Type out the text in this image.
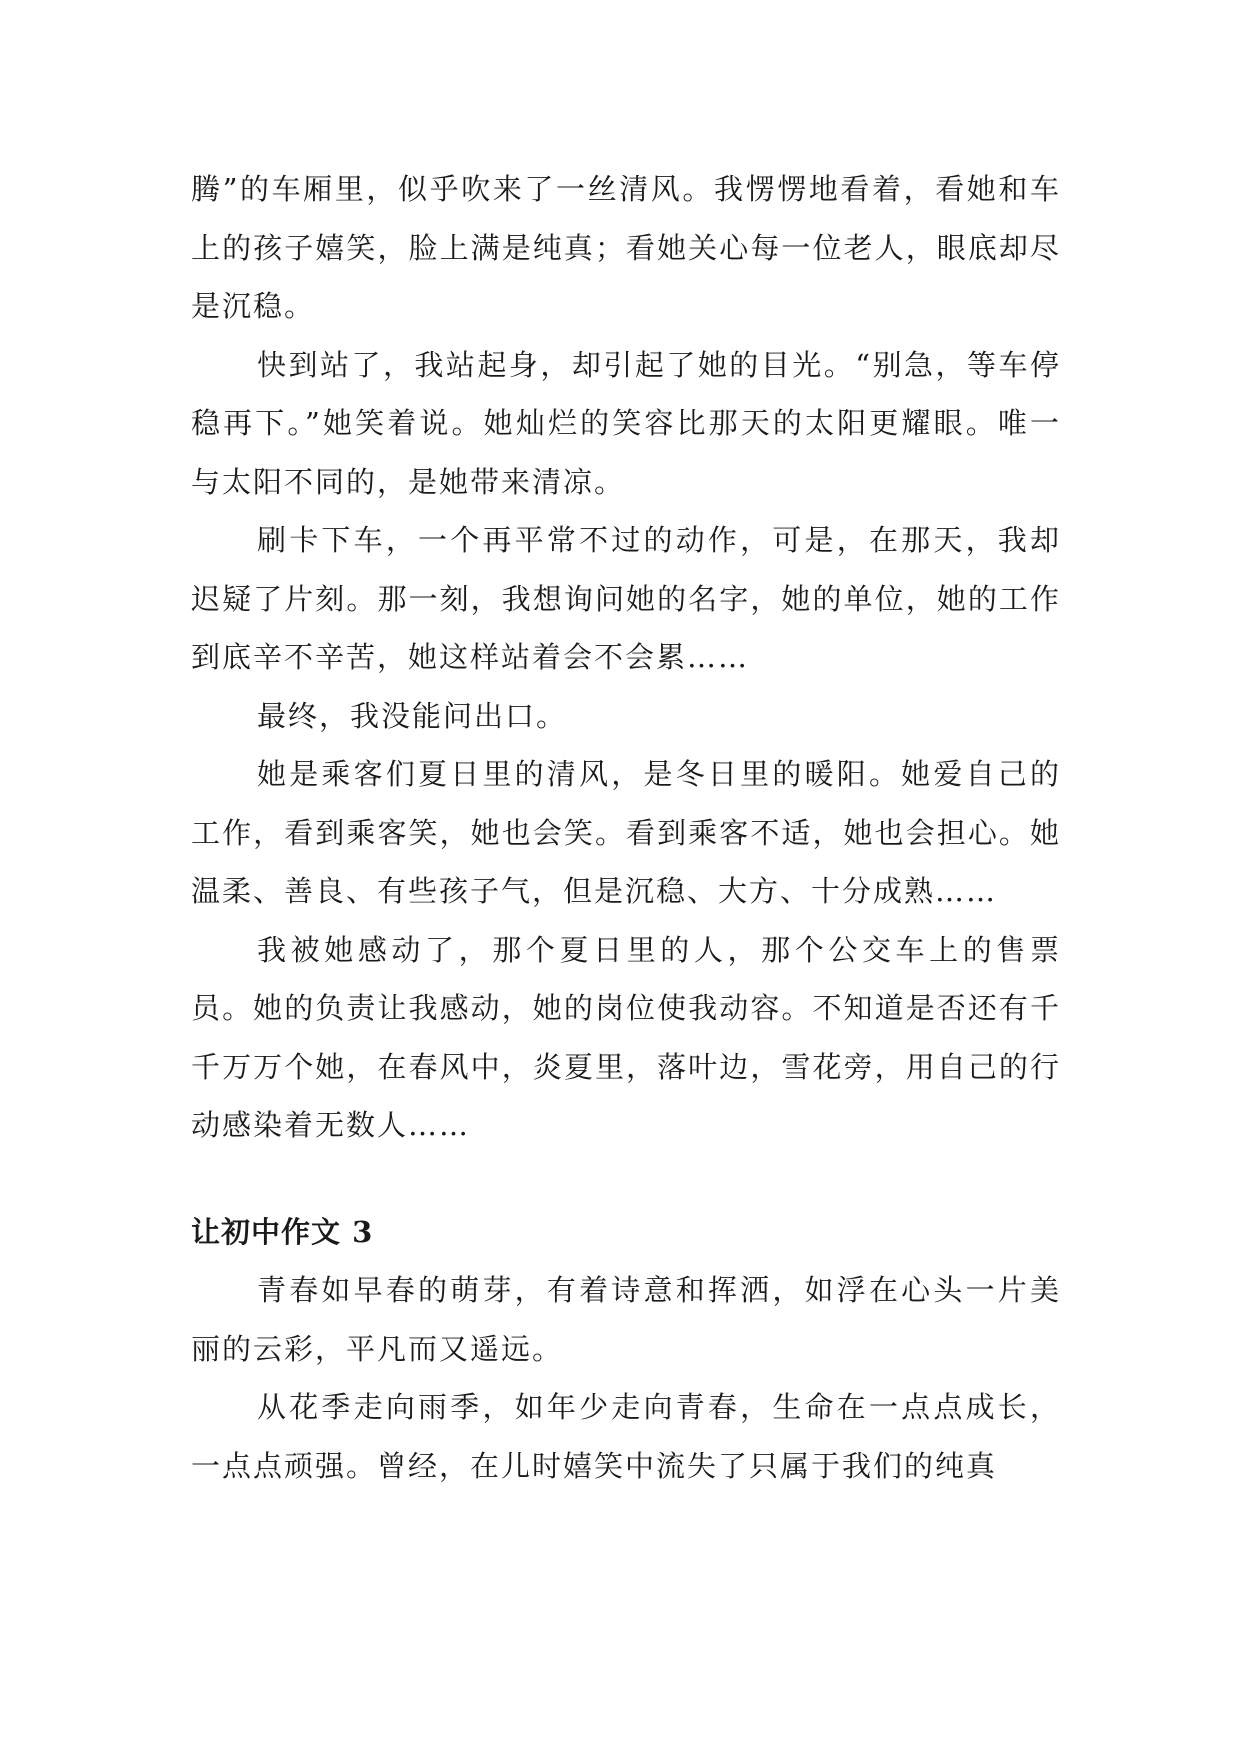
腾”的车厢里，似乎吹来了一丝清风。我愣愣地看着，看她和车上的孩子嬉笑，脸上满是纯真；看她关心每一位老人，眼底却尽是沉稳。

快到站了，我站起身，却引起了她的目光。“别急，等车停稳再下。”她笑着说。她灿烂的笑容比那天的太阳更耀眼。唯一与太阳不同的，是她带来清凉。

刷卡下车，一个再平常不过的动作，可是，在那天，我却迟疑了片刻。那一刻，我想询问她的名字，她的单位，她的工作到底辛不辛苦，她这样站着会不会累……

最终，我没能问出口。

她是乘客们夏日里的清风，是冬日里的暖阳。她爱自己的工作，看到乘客笑，她也会笑。看到乘客不适，她也会担心。她温柔、善良、有些孩子气，但是沉稳、大方、十分成熟……

我被她感动了，那个夏日里的人，那个公交车上的售票员。她的负责让我感动，她的岗位使我动容。不知道是否还有千千万万个她，在春风中，炎夏里，落叶边，雪花旁，用自己的行动感染着无数人……

让初中作文 3

青春如早春的萌芽，有着诗意和挥洒，如浮在心头一片美丽的云彩，平凡而又遥远。

从花季走向雨季，如年少走向青春，生命在一点点成长，一点点顽强。曾经，在儿时嬉笑中流失了只属于我们的纯真
